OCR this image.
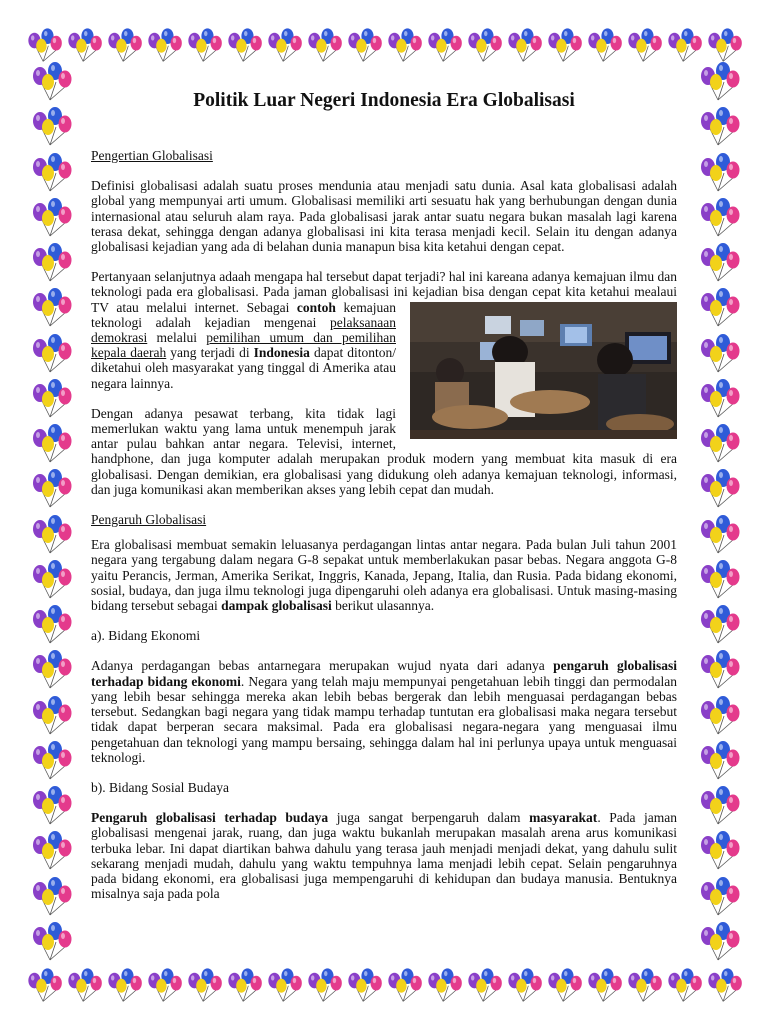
Politik Luar Negeri Indonesia Era Globalisasi

Pengertian Globalisasi

Definisi globalisasi adalah suatu proses mendunia atau menjadi satu dunia. Asal kata globalisasi adalah global yang mempunyai arti umum. Globalisasi memiliki arti sesuatu hak yang berhubungan dengan dunia internasional atau seluruh alam raya. Pada globalisasi jarak antar suatu negara bukan masalah lagi karena terasa dekat, sehingga dengan adanya globalisasi ini kita terasa menjadi kecil. Selain itu dengan adanya globalisasi kejadian yang ada di belahan dunia manapun bisa kita ketahui dengan cepat.

Pertanyaan selanjutnya adaah mengapa hal tersebut dapat terjadi? hal ini kareana adanya kemajuan ilmu dan teknologi pada era globalisasi. Pada jaman globalisasi ini kejadian bisa dengan cepat kita ketahui mealaui TV atau melalui internet. Sebagai contoh
kemajuan teknologi adalah kejadian mengenai pelaksanaan demokrasi melalui pemilihan umum dan pemilihan kepala daerah yang terjadi di Indonesia dapat ditonton/ diketahui oleh masyarakat yang tinggal di Amerika atau negara lainnya.

Dengan adanya pesawat terbang, kita tidak lagi memerlukan waktu yang lama untuk menempuh jarak antar pulau bahkan antar negara. Televisi, internet, handphone, dan juga komputer adalah merupakan produk modern yang membuat kita masuk di era globalisasi. Dengan demikian, era globalisasi yang didukung oleh adanya kemajuan teknologi, informasi, dan juga komunikasi akan memberikan akses yang lebih cepat dan mudah.

Pengaruh Globalisasi

Era globalisasi membuat semakin leluasanya perdagangan lintas antar negara. Pada bulan Juli tahun 2001 negara yang tergabung dalam negara G-8 sepakat untuk memberlakukan pasar bebas. Negara anggota G-8 yaitu Perancis, Jerman, Amerika Serikat, Inggris, Kanada, Jepang, Italia, dan Rusia. Pada bidang ekonomi, sosial, budaya, dan juga ilmu teknologi juga dipengaruhi oleh adanya era globalisasi. Untuk masing-masing bidang tersebut sebagai dampak globalisasi berikut ulasannya.

a). Bidang Ekonomi

Adanya perdagangan bebas antarnegara merupakan wujud nyata dari adanya pengaruh globalisasi terhadap bidang ekonomi. Negara yang telah maju mempunyai pengetahuan lebih tinggi dan permodalan yang lebih besar sehingga mereka akan lebih bebas bergerak dan lebih menguasai perdagangan bebas tersebut. Sedangkan bagi negara yang tidak mampu terhadap tuntutan era globalisasi maka negara tersebut tidak dapat berperan secara maksimal. Pada era globalisasi negara-negara yang menguasai ilmu pengetahuan dan teknologi yang mampu bersaing, sehingga dalam hal ini perlunya upaya untuk menguasai teknologi.

b). Bidang Sosial Budaya

Pengaruh globalisasi terhadap budaya juga sangat berpengaruh dalam masyarakat. Pada jaman globalisasi mengenai jarak, ruang, dan juga waktu bukanlah merupakan masalah arena arus komunikasi terbuka lebar. Ini dapat diartikan bahwa dahulu yang terasa jauh menjadi menjadi dekat, yang dahulu sulit sekarang menjadi mudah, dahulu yang waktu tempuhnya lama menjadi lebih cepat. Selain pengaruhnya pada bidang ekonomi, era globalisasi juga mempengaruhi di kehidupan dan budaya manusia. Bentuknya misalnya saja pada pola
